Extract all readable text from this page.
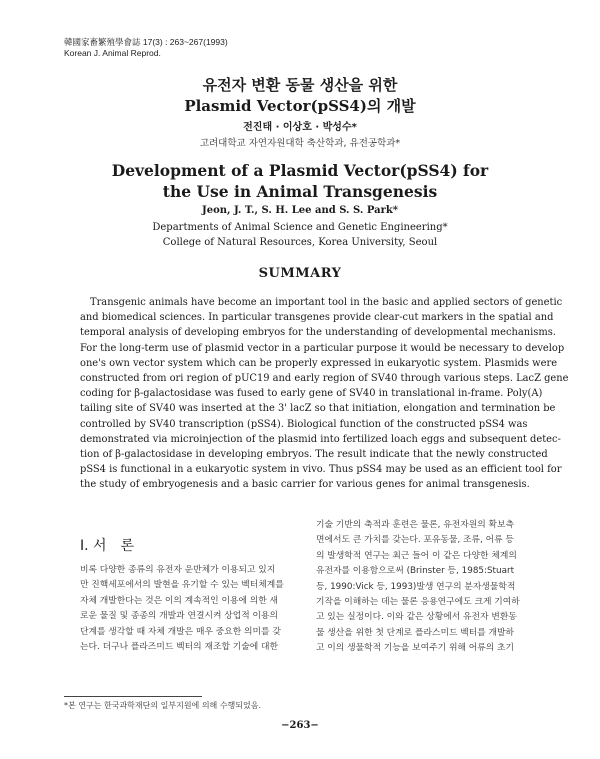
韓國家畜繁殖學會誌 17(3) : 263~267(1993)
Korean J. Animal Reprod.
유전자 변환 동물 생산을 위한
Plasmid Vector(pSS4)의 개발
전진태 · 이상호 · 박성수*
고려대학교 자연자원대학 축산학과, 유전공학과*
Development of a Plasmid Vector(pSS4) for
the Use in Animal Transgenesis
Jeon, J. T., S. H. Lee and S. S. Park*
Departments of Animal Science and Genetic Engineering*
College of Natural Resources, Korea University, Seoul
SUMMARY
Transgenic animals have become an important tool in the basic and applied sectors of genetic
and biomedical sciences. In particular transgenes provide clear-cut markers in the spatial and
temporal analysis of developing embryos for the understanding of developmental mechanisms.
For the long-term use of plasmid vector in a particular purpose it would be necessary to develop
one's own vector system which can be properly expressed in eukaryotic system. Plasmids were
constructed from ori region of pUC19 and early region of SV40 through various steps. LacZ gene
coding for β-galactosidase was fused to early gene of SV40 in translational in-frame. Poly(A)
tailing site of SV40 was inserted at the 3' lacZ so that initiation, elongation and termination be
controlled by SV40 transcription (pSS4). Biological function of the constructed pSS4 was
demonstrated via microinjection of the plasmid into fertilized loach eggs and subsequent detec-
tion of β-galactosidase in developing embryos. The result indicate that the newly constructed
pSS4 is functional in a eukaryotic system in vivo. Thus pSS4 may be used as an efficient tool for
the study of embryogenesis and a basic carrier for various genes for animal transgenesis.
Ⅰ. 서　론
비록 다양한 종류의 유전자 운반체가 이용되고 있지
만 진핵세포에서의 발현을 유기할 수 있는 벡터체계를
자체 개발한다는 것은 이의 계속적인 이용에 의한 새
로운 물질 및 종종의 개발과 연결시켜 상업적 이용의
단계를 생각할 때 자체 개발은 매우 중요한 의미를 갖
는다. 더구나 플라즈미드 벡터의 재조합 기술에 대한
기술 기반의 축적과 훈련은 물론, 유전자원의 확보측
면에서도 큰 가치를 갖는다. 포유동물, 조류, 어류 등
의 발생학적 연구는 최근 들어 이 같은 다양한 체계의
유전자를 이용함으로써 (Brinster 등, 1985:Stuart
등, 1990:Vick 등, 1993)발생 연구의 분자생물학적
기작을 이해하는 데는 물론 응용연구에도 크게 기여하
고 있는 실정이다. 이와 같은 상황에서 유전자 변환동
물 생산을 위한 첫 단계로 플라스미드 벡터를 개발하
고 이의 생물학적 기능을 보여주기 위해 어류의 초기
*본 연구는 한국과학재단의 일부지원에 의해 수행되었음.
−263−
